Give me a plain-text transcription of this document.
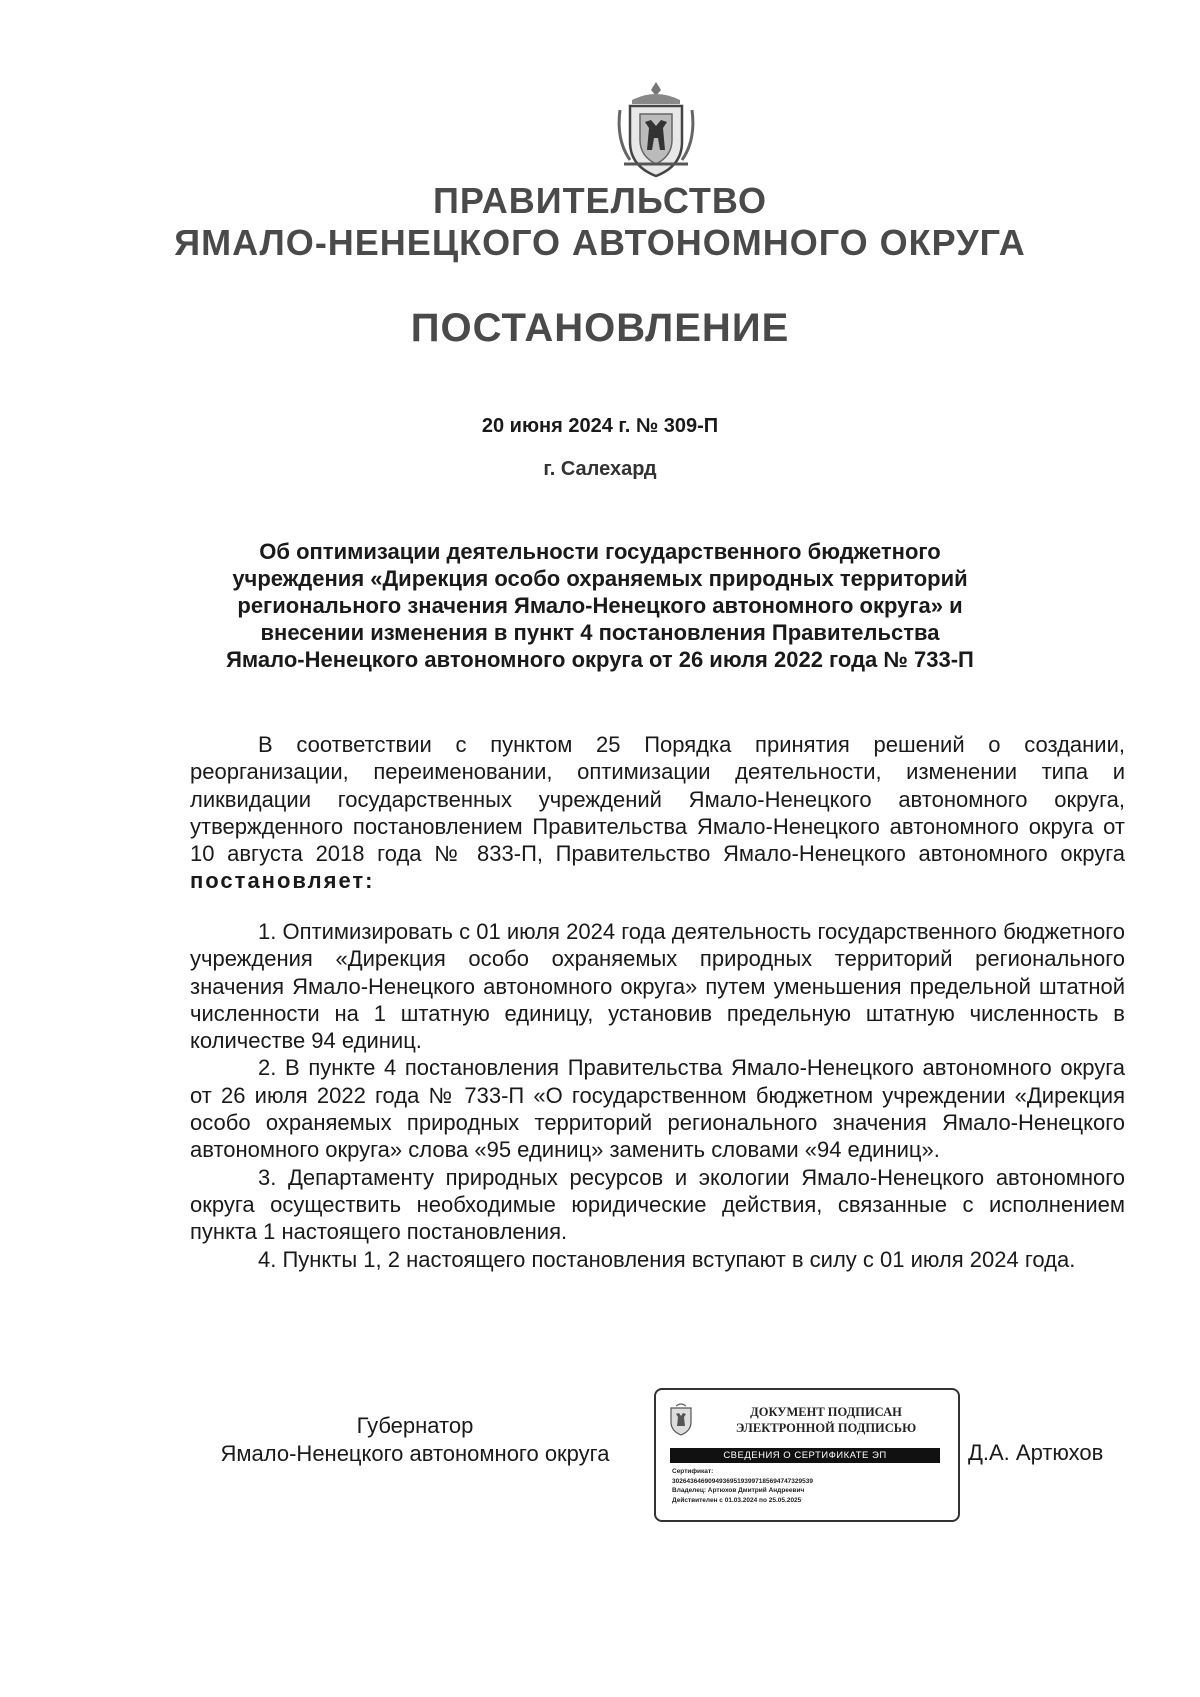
ПРАВИТЕЛЬСТВО
ЯМАЛО-НЕНЕЦКОГО АВТОНОМНОГО ОКРУГА
ПОСТАНОВЛЕНИЕ
20 июня 2024 г. № 309-П
г. Салехард
Об оптимизации деятельности государственного бюджетного
учреждения «Дирекция особо охраняемых природных территорий
регионального значения Ямало-Ненецкого автономного округа» и
внесении изменения в пункт 4 постановления Правительства
Ямало-Ненецкого автономного округа от 26 июля 2022 года № 733-П

В соответствии с пунктом 25 Порядка принятия решений о создании, реорганизации, переименовании, оптимизации деятельности, изменении типа и ликвидации государственных учреждений Ямало-Ненецкого автономного округа, утвержденного постановлением Правительства Ямало-Ненецкого автономного округа от 10 августа 2018 года № 833-П, Правительство Ямало-Ненецкого автономного округа постановляет:

1. Оптимизировать с 01 июля 2024 года деятельность государственного бюджетного учреждения «Дирекция особо охраняемых природных территорий регионального значения Ямало-Ненецкого автономного округа» путем уменьшения предельной штатной численности на 1 штатную единицу, установив предельную штатную численность в количестве 94 единиц.

2. В пункте 4 постановления Правительства Ямало-Ненецкого автономного округа от 26 июля 2022 года № 733-П «О государственном бюджетном учреждении «Дирекция особо охраняемых природных территорий регионального значения Ямало-Ненецкого автономного округа» слова «95 единиц» заменить словами «94 единиц».

3. Департаменту природных ресурсов и экологии Ямало-Ненецкого автономного округа осуществить необходимые юридические действия, связанные с исполнением пункта 1 настоящего постановления.

4. Пункты 1, 2 настоящего постановления вступают в силу с 01 июля 2024 года.

Губернатор
Ямало-Ненецкого автономного округа
ДОКУМЕНТ ПОДПИСАН
ЭЛЕКТРОННОЙ ПОДПИСЬЮ
СВЕДЕНИЯ О СЕРТИФИКАТЕ ЭП
Сертификат:
302643646909493695193997185694747329539
Владелец: Артюхов Дмитрий Андреевич
Действителен с 01.03.2024 по 25.05.2025
Д.А. Артюхов
